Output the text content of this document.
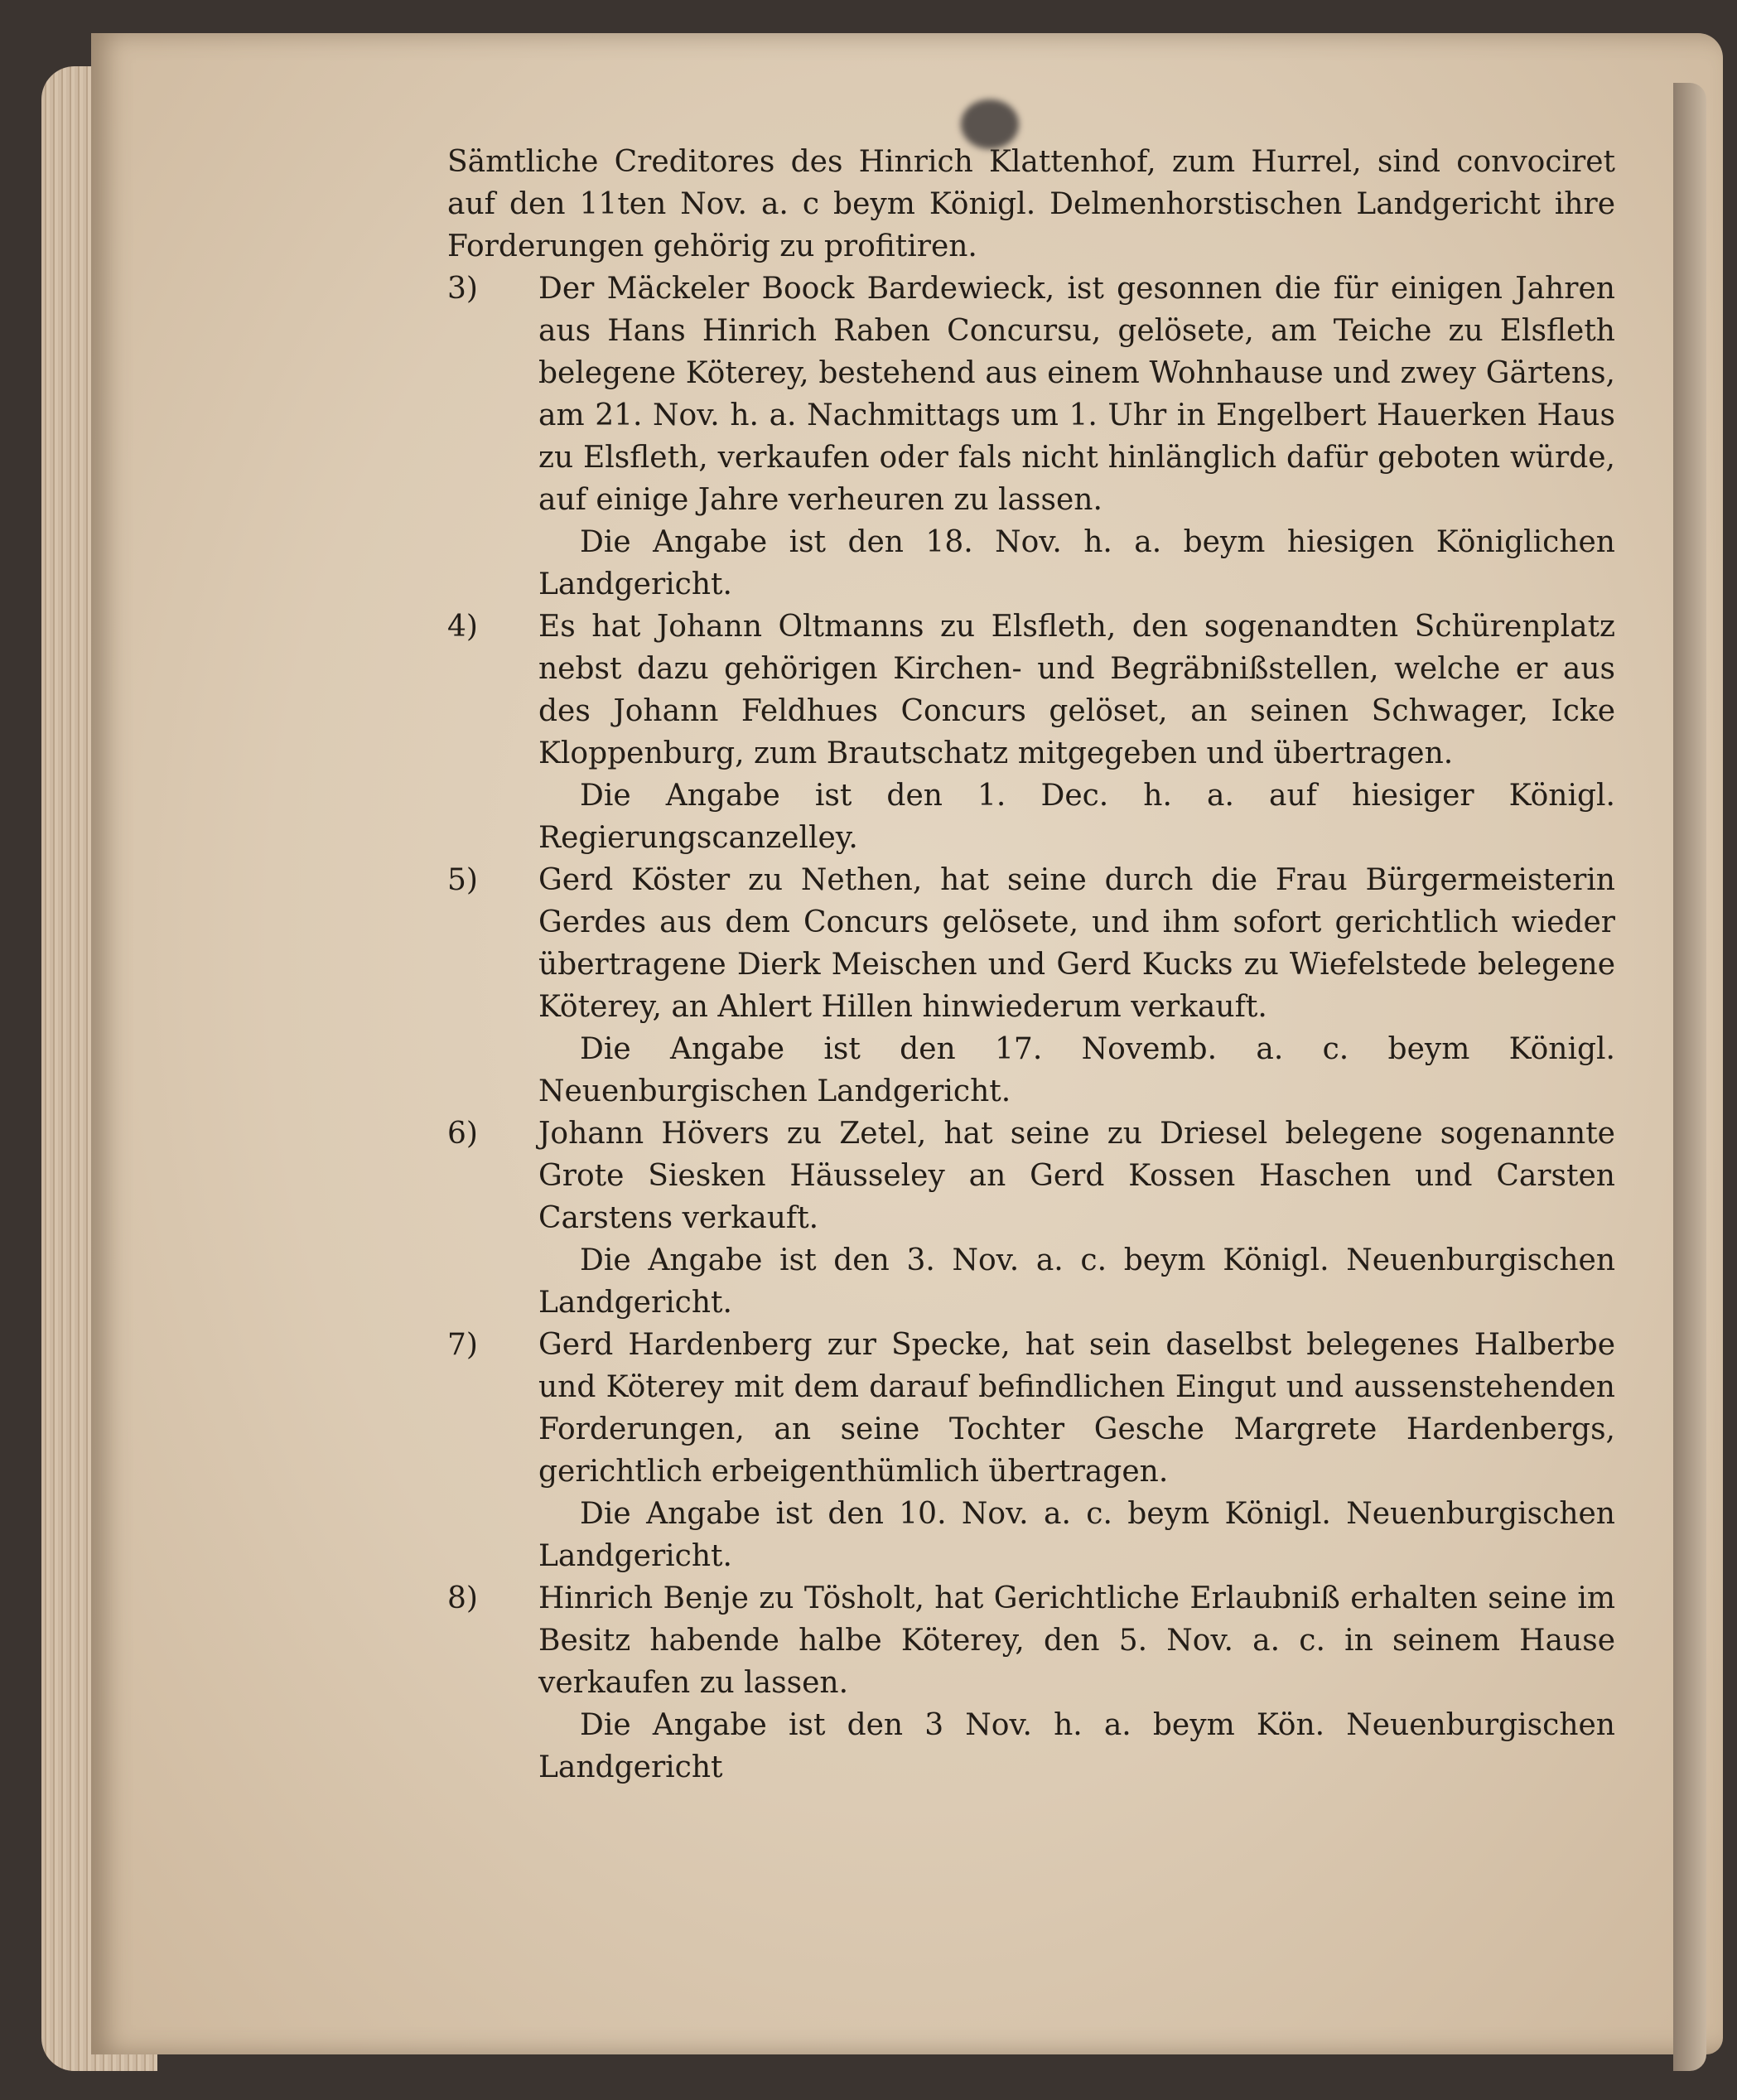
Sämtliche Creditores des Hinrich Klattenhof, zum Hurrel, sind convociret auf den 11ten Nov. a. c beym Königl. Delmenhorstischen Landgericht ihre Forderungen gehörig zu profitiren.

3)	Der Mäckeler Boock Bardewieck, ist gesonnen die für einigen Jahren aus Hans Hinrich Raben Concursu, gelösete, am Teiche zu Elsfleth belegene Köterey, bestehend aus einem Wohnhause und zwey Gärtens, am 21. Nov. h. a. Nachmittags um 1. Uhr in Engelbert Hauerken Haus zu Elsfleth, verkaufen oder fals nicht hinlänglich dafür geboten würde, auf einige Jahre verheuren zu lassen.

Die Angabe ist den 18. Nov. h. a. beym hiesigen Königlichen Landgericht.

4)	Es hat Johann Oltmanns zu Elsfleth, den sogenandten Schürenplatz nebst dazu gehörigen Kirchen- und Begräbnißstellen, welche er aus des Johann Feldhues Concurs gelöset, an seinen Schwager, Icke Kloppenburg, zum Brautschatz mitgegeben und übertragen.

Die Angabe ist den 1. Dec. h. a. auf hiesiger Königl. Regierungscanzelley.

5)	Gerd Köster zu Nethen, hat seine durch die Frau Bürgermeisterin Gerdes aus dem Concurs gelösete, und ihm sofort gerichtlich wieder übertragene Dierk Meischen und Gerd Kucks zu Wiefelstede belegene Köterey, an Ahlert Hillen hinwiederum verkauft.

Die Angabe ist den 17. Novemb. a. c. beym Königl. Neuenburgischen Landgericht.

6)	Johann Hövers zu Zetel, hat seine zu Driesel belegene sogenannte Grote Siesken Häusseley an Gerd Kossen Haschen und Carsten Carstens verkauft.

Die Angabe ist den 3. Nov. a. c. beym Königl. Neuenburgischen Landgericht.

7)	Gerd Hardenberg zur Specke, hat sein daselbst belegenes Halberbe und Köterey mit dem darauf befindlichen Eingut und aussenstehenden Forderungen, an seine Tochter Gesche Margrete Hardenbergs, gerichtlich erbeigenthümlich übertragen.

Die Angabe ist den 10. Nov. a. c. beym Königl. Neuenburgischen Landgericht.

8)	Hinrich Benje zu Tösholt, hat Gerichtliche Erlaubniß erhalten seine im Besitz habende halbe Köterey, den 5. Nov. a. c. in seinem Hause verkaufen zu lassen.

Die Angabe ist den 3 Nov. h. a. beym Kön. Neuenburgischen Landgericht
